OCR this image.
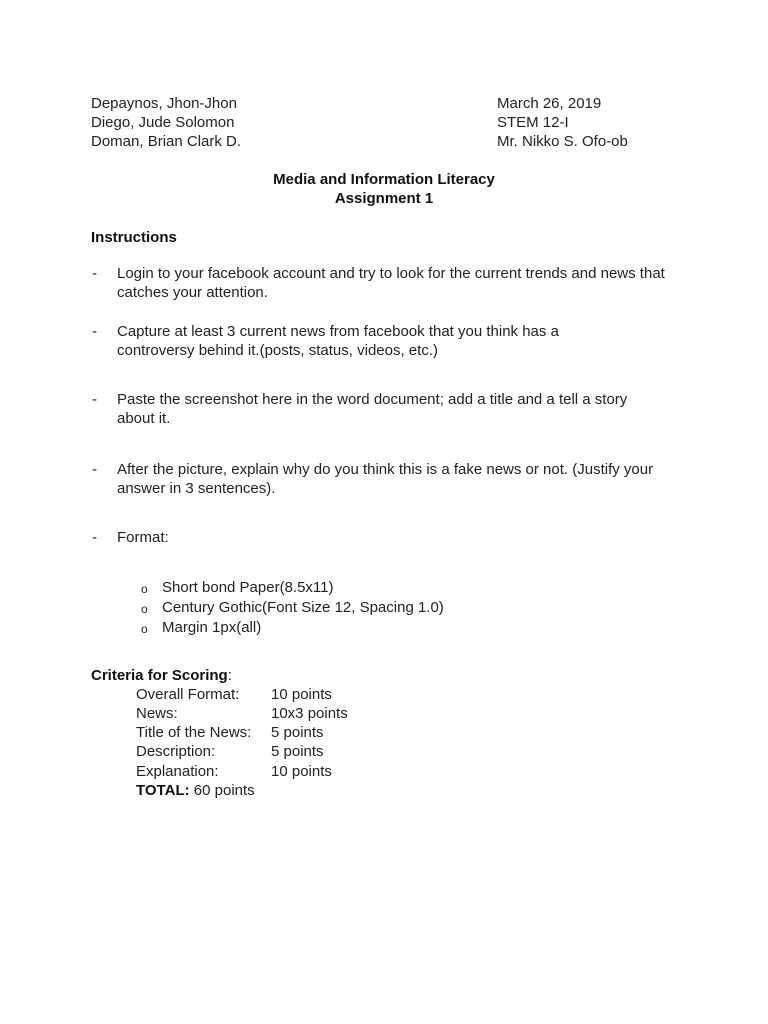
Depaynos, Jhon-Jhon
Diego, Jude Solomon
Doman, Brian Clark D.
March 26, 2019
STEM 12-I
Mr. Nikko S. Ofo-ob
Media and Information Literacy
Assignment 1
Instructions
- Login to your facebook account and try to look for the current trends and news that catches your attention.
- Capture at least 3 current news from facebook that you think has a controversy behind it.(posts, status, videos, etc.)
- Paste the screenshot here in the word document; add a title and a tell a story about it.
- After the picture, explain why do you think this is a fake news or not. (Justify your answer in 3 sentences).
- Format:
o Short bond Paper(8.5x11)
o Century Gothic(Font Size 12, Spacing 1.0)
o Margin 1px(all)
Criteria for Scoring:
Overall Format: 10 points
News:	10x3 points
Title of the News: 5 points
Description:	5 points
Explanation:	10 points
TOTAL: 60 points
